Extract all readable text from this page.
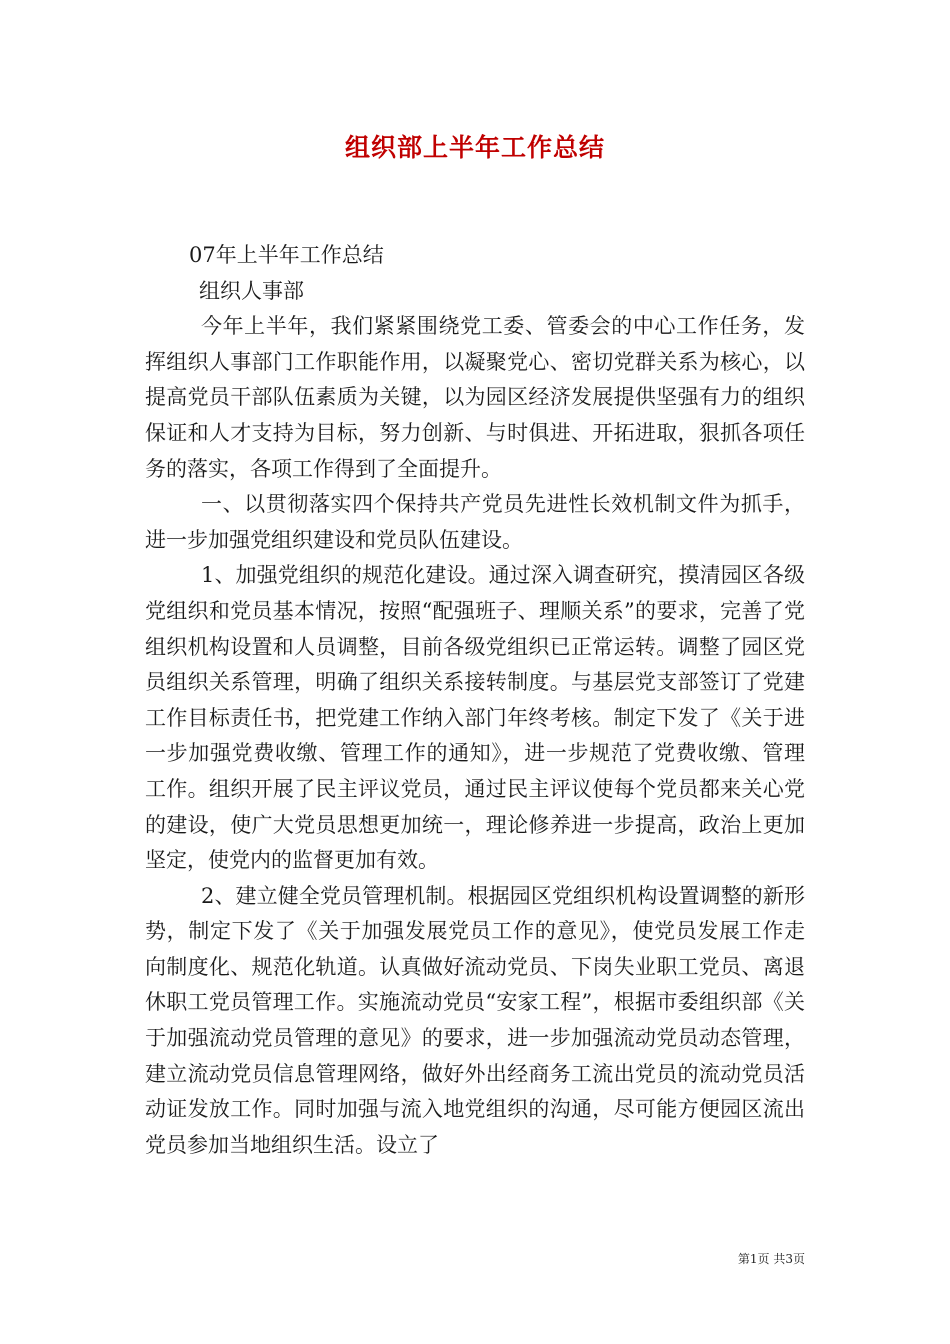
组织部上半年工作总结

07年上半年工作总结

组织人事部

今年上半年，我们紧紧围绕党工委、管委会的中心工作任务，发挥组织人事部门工作职能作用，以凝聚党心、密切党群关系为核心，以提高党员干部队伍素质为关键，以为园区经济发展提供坚强有力的组织保证和人才支持为目标，努力创新、与时俱进、开拓进取，狠抓各项任务的落实，各项工作得到了全面提升。

一、以贯彻落实四个保持共产党员先进性长效机制文件为抓手，进一步加强党组织建设和党员队伍建设。

1、加强党组织的规范化建设。通过深入调查研究，摸清园区各级党组织和党员基本情况，按照“配强班子、理顺关系”的要求，完善了党组织机构设置和人员调整，目前各级党组织已正常运转。调整了园区党员组织关系管理，明确了组织关系接转制度。与基层党支部签订了党建工作目标责任书，把党建工作纳入部门年终考核。制定下发了《关于进一步加强党费收缴、管理工作的通知》，进一步规范了党费收缴、管理工作。组织开展了民主评议党员，通过民主评议使每个党员都来关心党的建设，使广大党员思想更加统一，理论修养进一步提高，政治上更加坚定，使党内的监督更加有效。

2、建立健全党员管理机制。根据园区党组织机构设置调整的新形势，制定下发了《关于加强发展党员工作的意见》，使党员发展工作走向制度化、规范化轨道。认真做好流动党员、下岗失业职工党员、离退休职工党员管理工作。实施流动党员“安家工程”，根据市委组织部《关于加强流动党员管理的意见》的要求，进一步加强流动党员动态管理，建立流动党员信息管理网络，做好外出经商务工流出党员的流动党员活动证发放工作。同时加强与流入地党组织的沟通，尽可能方便园区流出党员参加当地组织生活。设立了

第1页 共3页
